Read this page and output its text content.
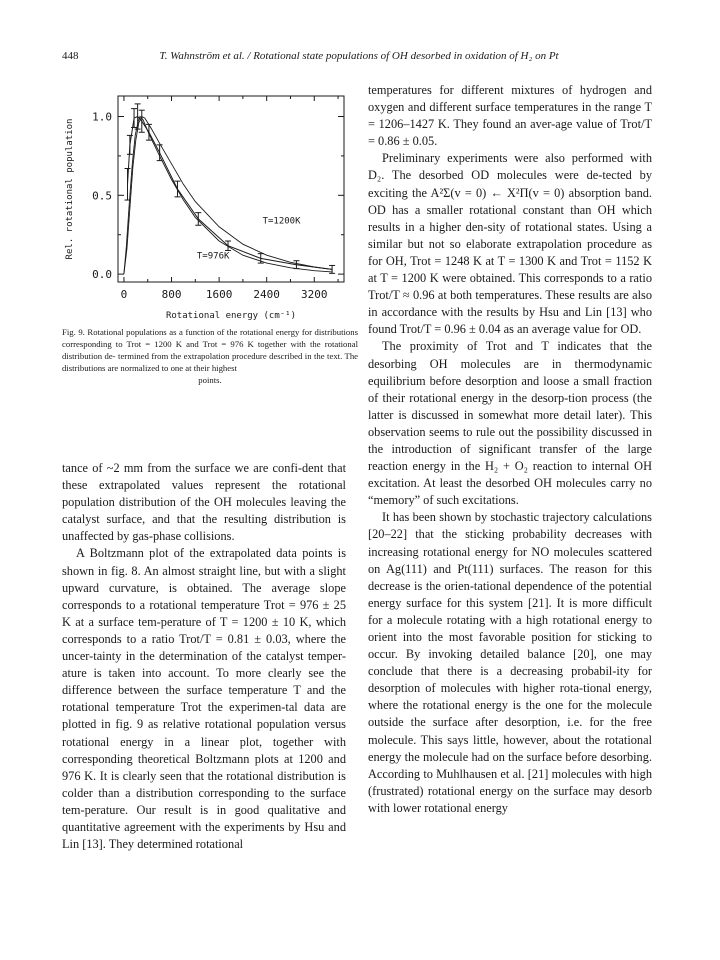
448	T. Wahnström et al. / Rotational state populations of OH desorbed in oxidation of H₂ on Pt
0	800 1600 2400 3200
1.0
0.5
0.0
Rotational energy (cm⁻¹)
Rel. rotational population	T=1200K
T=976K
Fig. 9. Rotational populations as a function of the rotational energy for distributions corresponding to Trot = 1200 K and Trot = 976 K together with the rotational distribution de- termined from the extrapolation procedure described in the text. The distributions are normalized to one at their highest
points.

tance of ~2 mm from the surface we are confi-dent that these extrapolated values represent the rotational population distribution of the OH molecules leaving the catalyst surface, and that the resulting distribution is unaffected by gas-phase collisions.

A Boltzmann plot of the extrapolated data points is shown in fig. 8. An almost straight line, but with a slight upward curvature, is obtained. The average slope corresponds to a rotational temperature Trot = 976 ± 25 K at a surface tem-perature of T = 1200 ± 10 K, which corresponds to a ratio Trot/T = 0.81 ± 0.03, where the uncer-tainty in the determination of the catalyst temper-ature is taken into account. To more clearly see the difference between the surface temperature T and the rotational temperature Trot the experimen-tal data are plotted in fig. 9 as relative rotational population versus rotational energy in a linear plot, together with corresponding theoretical Boltzmann plots at 1200 and 976 K. It is clearly seen that the rotational distribution is colder than a distribution corresponding to the surface tem-perature. Our result is in good qualitative and quantitative agreement with the experiments by Hsu and Lin [13]. They determined rotational

temperatures for different mixtures of hydrogen and oxygen and different surface temperatures in the range T = 1206–1427 K. They found an aver-age value of Trot/T = 0.86 ± 0.05.

Preliminary experiments were also performed with D₂. The desorbed OD molecules were de-tected by exciting the A²Σ(v = 0) ← X²Π(v = 0) absorption band. OD has a smaller rotational constant than OH which results in a higher den-sity of rotational states. Using a similar but not so elaborate extrapolation procedure as for OH, Trot = 1248 K at T = 1300 K and Trot = 1152 K at T = 1200 K were obtained. This corresponds to a ratio Trot/T ≈ 0.96 at both temperatures. These results are also in accordance with the results by Hsu and Lin [13] who found Trot/T = 0.96 ± 0.04 as an average value for OD.

The proximity of Trot and T indicates that the desorbing OH molecules are in thermodynamic equilibrium before desorption and loose a small fraction of their rotational energy in the desorp-tion process (the latter is discussed in somewhat more detail later). This observation seems to rule out the possibility discussed in the introduction of significant transfer of the large reaction energy in the H₂ + O₂ reaction to internal OH excitation. At least the desorbed OH molecules carry no “memory” of such excitations.

It has been shown by stochastic trajectory calculations [20–22] that the sticking probability decreases with increasing rotational energy for NO molecules scattered on Ag(111) and Pt(111) surfaces. The reason for this decrease is the orien-tational dependence of the potential energy surface for this system [21]. It is more difficult for a molecule rotating with a high rotational energy to orient into the most favorable position for sticking to occur. By invoking detailed balance [20], one may conclude that there is a decreasing probabil-ity for desorption of molecules with higher rota-tional energy, where the rotational energy is the one for the molecule outside the surface after desorption, i.e. for the free molecule. This says little, however, about the rotational energy the molecule had on the surface before desorbing. According to Muhlhausen et al. [21] molecules with high (frustrated) rotational energy on the surface may desorb with lower rotational energy
